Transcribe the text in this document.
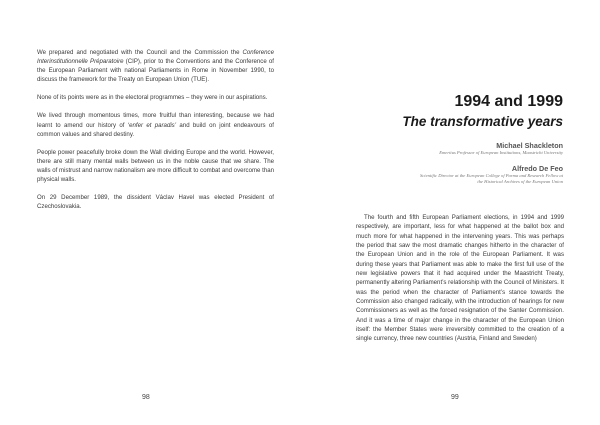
We prepared and negotiated with the Council and the Commission the Conference Interinstitutionnelle Préparatoire (CIP), prior to the Conventions and the Conference of the European Parliament with national Parliaments in Rome in November 1990, to discuss the framework for the Treaty on European Union (TUE).

None of its points were as in the electoral programmes – they were in our aspirations.

We lived through momentous times, more fruitful than interesting, because we had learnt to amend our history of ‘enfer et paradis’ and build on joint endeavours of common values and shared destiny.

People power peacefully broke down the Wall dividing Europe and the world. However, there are still many mental walls between us in the noble cause that we share. The walls of mistrust and narrow nationalism are more difficult to combat and overcome than physical walls.

On 29 December 1989, the dissident Václav Havel was elected President of Czechoslovakia.

98
1994 and 1999
The transformative years
Michael Shackleton
Emeritus Professor of European Institutions, Maastricht University
Alfredo De Feo
Scientific Director at the European College of Parma and Research Fellow at
the Historical Archives of the European Union

The fourth and fifth European Parliament elections, in 1994 and 1999 respectively, are important, less for what happened at the ballot box and much more for what happened in the intervening years. This was perhaps the period that saw the most dramatic changes hitherto in the character of the European Union and in the role of the European Parliament. It was during these years that Parliament was able to make the first full use of the new legislative powers that it had acquired under the Maastricht Treaty, permanently altering Parliament’s relationship with the Council of Ministers. It was the period when the character of Parliament’s stance towards the Commission also changed radically, with the introduction of hearings for new Commissioners as well as the forced resignation of the Santer Commission. And it was a time of major change in the character of the European Union itself: the Member States were irreversibly committed to the creation of a single currency, three new countries (Austria, Finland and Sweden)

99
